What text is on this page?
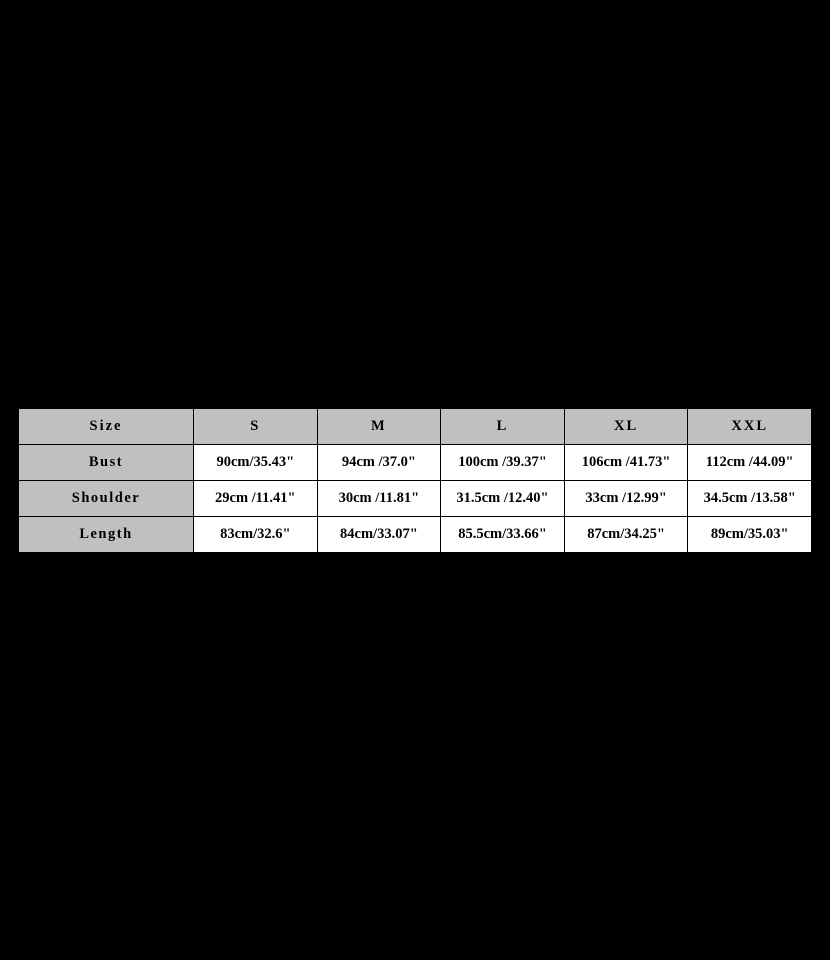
Size	S	M	L	XL	XXL
Bust	90cm/35.43"	94cm /37.0"	100cm /39.37"	106cm /41.73"	112cm /44.09"
Shoulder	29cm /11.41"	30cm /11.81"	31.5cm /12.40"	33cm /12.99"	34.5cm /13.58"
Length	83cm/32.6"	84cm/33.07"	85.5cm/33.66"	87cm/34.25"	89cm/35.03"
